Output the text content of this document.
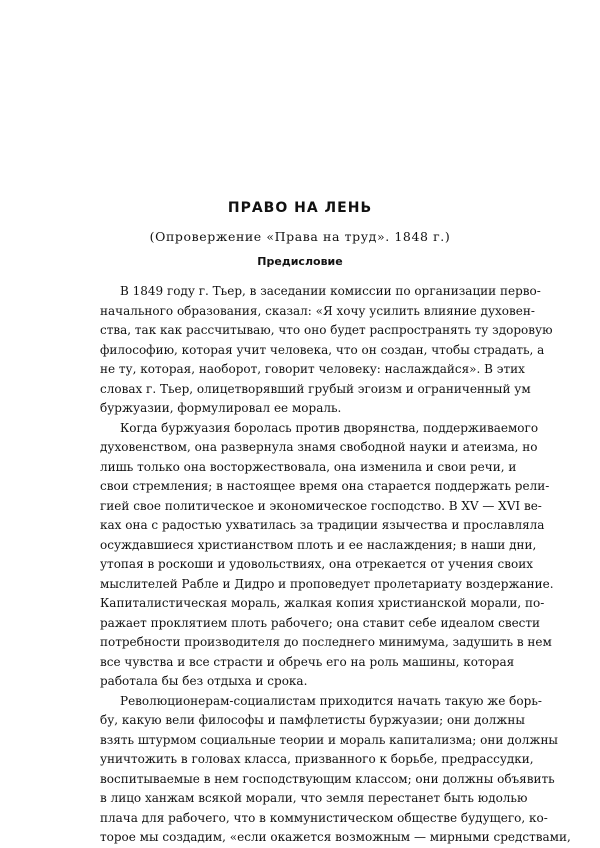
ПРАВО НА ЛЕНЬ
(Опровержение «Права на труд». 1848 г.)
Предисловие
В 1849 году г. Тьер, в заседании комиссии по организации перво-
начального образования, сказал: «Я хочу усилить влияние духовен-
ства, так как рассчитываю, что оно будет распространять ту здоровую
философию, которая учит человека, что он создан, чтобы страдать, а
не ту, которая, наоборот, говорит человеку: наслаждайся». В этих
словах г. Тьер, олицетворявший грубый эгоизм и ограниченный ум
буржуазии, формулировал ее мораль.
Когда буржуазия боролась против дворянства, поддерживаемого
духовенством, она развернула знамя свободной науки и атеизма, но
лишь только она восторжествовала, она изменила и свои речи, и
свои стремления; в настоящее время она старается поддержать рели-
гией свое политическое и экономическое господство. В XV — XVI ве-
ках она с радостью ухватилась за традиции язычества и прославляла
осуждавшиеся христианством плоть и ее наслаждения; в наши дни,
утопая в роскоши и удовольствиях, она отрекается от учения своих
мыслителей Рабле и Дидро и проповедует пролетариату воздержание.
Капиталистическая мораль, жалкая копия христианской морали, по-
ражает проклятием плоть рабочего; она ставит себе идеалом свести
потребности производителя до последнего минимума, задушить в нем
все чувства и все страсти и обречь его на роль машины, которая
работала бы без отдыха и срока.
Революционерам-социалистам приходится начать такую же борь-
бу, какую вели философы и памфлетисты буржуазии; они должны
взять штурмом социальные теории и мораль капитализма; они должны
уничтожить в головах класса, призванного к борьбе, предрассудки,
воспитываемые в нем господствующим классом; они должны объявить
в лицо ханжам всякой морали, что земля перестанет быть юдолью
плача для рабочего, что в коммунистическом обществе будущего, ко-
торое мы создадим, «если окажется возможным — мирными средствами,
